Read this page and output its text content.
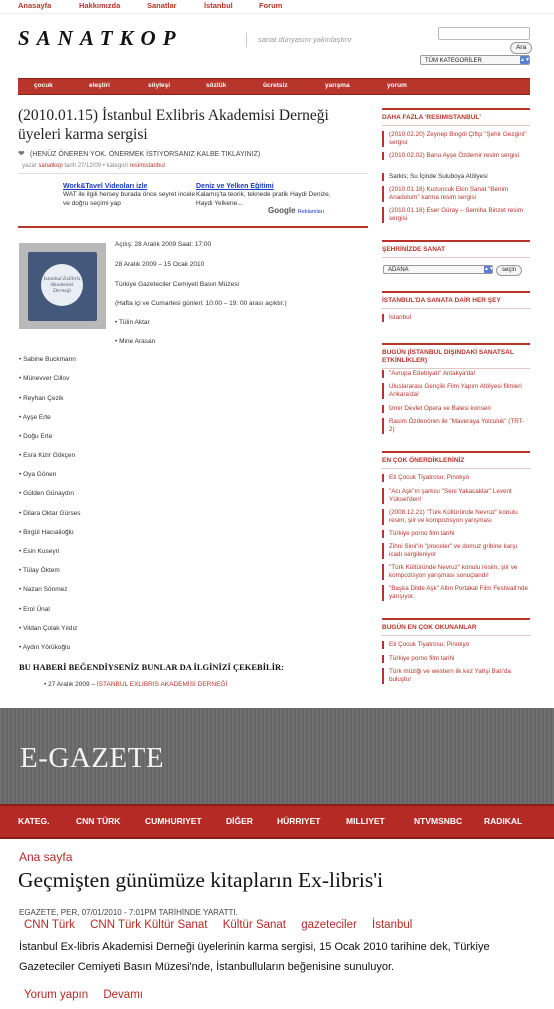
Anasayfa	Hakkımızda	Sanatlar	İstanbul	Forum
SANATKOP	sanat dünyasını yakınlaştırır
Ara
TÜM KATEGORİLER	▲▼
çocuk	eleştiri	söyleşi	sözlük	ücretsiz	yarışma	yorum
(2010.01.15) İstanbul Exlibris Akademisi Derneği üyeleri karma sergisi
❤ (HENÜZ ÖNEREN YOK. ÖNERMEK İSTİYORSANIZ KALBE TIKLAYINIZ)
yazar sanatkop tarih 27/12/09 • kategori resimistanbul
Work&Tavel Videoları izle
WAT ile ilgili hersey burada önce seyret incele ve doğru seçimi yap
Deniz ve Yelken Eğitimi
Kalamış'ta teorik, teknede pratik Haydi Denize, Haydi Yelkene...
Google Reklamları
İstanbul Exlibris Akademisi Derneği
Açılış: 28 Aralık 2009 Saat: 17:00
28 Aralık 2009 – 15 Ocak 2010
Türkiye Gazeteciler Cemiyeti Basın Müzesi
(Hafta içi ve Cumartesi günleri: 10:00 – 19: 00 arası açıktır.)
• Tülin Aktar
• Mine Arasan
• Sabine Buckmann
• Münevver Cillov
• Reyhan Çezik
• Ayşe Erte
• Doğu Erte
• Esra Kizir Gökçen
• Oya Gönen
• Gülden Günaydın
• Dilara Oktar Gürses
• Birgül Hacıalioğlu
• Esin Kuseyri
• Tülay Öktem
• Nazan Sönmez
• Erol Ünal
• Vildan Çolak Yıldız
• Aydın Yörükoğlu
BU HABERİ BEĞENDİYSENİZ BUNLAR DA İLGİNİZİ ÇEKEBİLİR:
• 27 Aralık 2009 – İSTANBUL EXLIBRIS AKADEMİSİ DERNEĞİ
DAHA FAZLA 'RESIMISTANBUL'
(2010.02.20) Zeynep Bingöl Çiftçi "Şehir Gezgini" sergisi
(2010.02.02) Banu Ayşe Özdemir resim sergisi
Sarkis; Su İçinde Suluboya Atölyesi
(2010.01.16) Kuzuncuk Ekin Sanat "Benim Anadolum" karma resim sergisi
(2010.01.16) Eser Güray – Semiha Binzet resim sergisi
ŞEHRİNİZDE SANAT
ADANA	▲▼	seçin
İSTANBUL'DA SANATA DAİR HER ŞEY
İstanbul
BUGÜN (İSTANBUL DIŞINDAKİ SANATSAL ETKİNLİKLER)
"Avrupa Edebiyatı" Antakya'da!
Uluslararası Gençlik Film Yapım Atölyesi filmleri Ankara'da!
İzmir Devlet Opera ve Balesi konseri
Rasim Özdenören ile "Maveraya Yolculuk" (TRT-2)
EN ÇOK ÖNERDİKLERİNİZ
Eti Çocuk Tiyatrosu; Pinokyo
"Acı Aşk"ın şarkısı "Seni Yakacaklar" Levent Yüksel'den!
(2008.12.21) "Türk Kültüründe Nevruz" konulu resim, şiir ve kompozisyon yarışması
Türkiye porno film tarihi
Zihni Sinir'in "proceler" ve domuz gribine karşı icadı sergileniyor
"Türk Kültüründe Nevruz" konulu resim, şiir ve kompozisyon yarışması sonuçlandı!
"Başka Dilde Aşk" Altın Portakal Film Festivali'nde yarışıyor.
BUGÜN EN ÇOK OKUNANLAR
Eti Çocuk Tiyatrosu; Pinokyo
Türkiye porno film tarihi
Türk müziği ve western ilk kez Yahşi Batı'da buluştu!
E-GAZETE
KATEG.	CNN TÜRK	CUMHURIYET	DİĞER	HÜRRIYET	MILLIYET	NTVMSNBC	RADIKAL
Ana sayfa
Geçmişten günümüze kitapların Ex-libris'i
EGAZETE, PER, 07/01/2010 - 7:01PM TARİHİNDE YARATTI.
CNN Türk CNN Türk Kültür Sanat Kültür Sanat gazeteciler İstanbul
İstanbul Ex-libris Akademisi Derneği üyelerinin karma sergisi, 15 Ocak 2010 tarihine dek, Türkiye Gazeteciler Cemiyeti Basın Müzesi'nde, İstanbulluların beğenisine sunuluyor.
Yorum yapın Devamı
